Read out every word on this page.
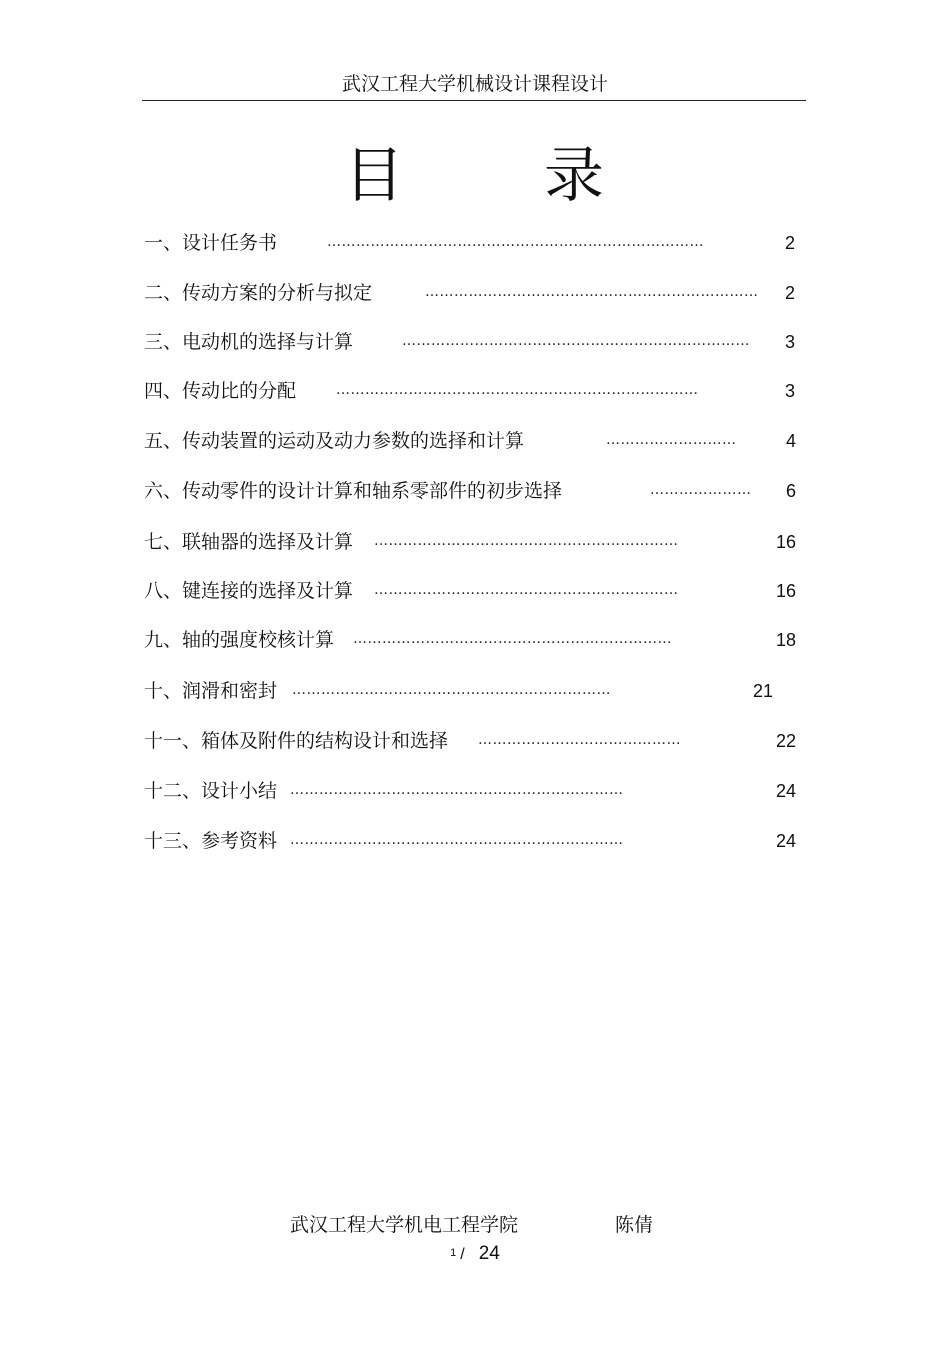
武汉工程大学机械设计课程设计
目 录
一、设计任务书	……………………………………………………………………	2
二、传动方案的分析与拟定	……………………………………………………………	2
三、电动机的选择与计算	………………………………………………………………	3
四、传动比的分配	…………………………………………………………………	3
五、传动装置的运动及动力参数的选择和计算	………………………	4
六、传动零件的设计计算和轴系零部件的初步选择	…………………	6
七、联轴器的选择及计算 ………………………………………………………	16
八、键连接的选择及计算 ………………………………………………………	16
九、轴的强度校核计算 …………………………………………………………	18
十、润滑和密封 …………………………………………………………	21
十一、箱体及附件的结构设计和选择 ……………………………………	22
十二、设计小结 ……………………………………………………………	24
十三、参考资料 ……………………………………………………………	24
武汉工程大学机电工程学院	陈倩
1 / 24
